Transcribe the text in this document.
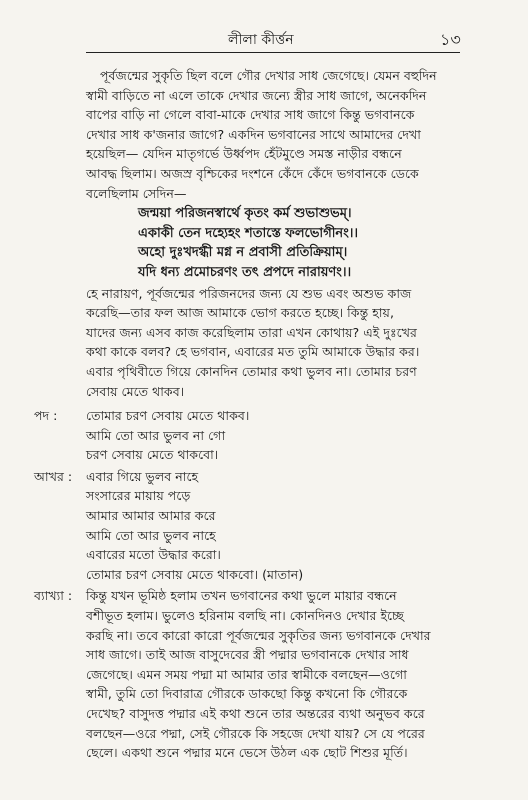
লীলা কীর্ত্তন	১৩
পূর্বজন্মের সুকৃতি ছিল বলে গৌর দেখার সাধ জেগেছে। যেমন বহুদিন
স্বামী বাড়িতে না এলে তাকে দেখার জন্যে স্ত্রীর সাধ জাগে, অনেকদিন
বাপের বাড়ি না গেলে বাবা-মাকে দেখার সাধ জাগে কিন্তু ভগবানকে
দেখার সাধ ক'জনার জাগে? একদিন ভগবানের সাথে আমাদের দেখা
হয়েছিল— যেদিন মাতৃগর্ভে উর্ধ্বপদ হেঁটমুণ্ডে সমস্ত নাড়ীর বন্ধনে
আবদ্ধ ছিলাম। অজস্র বৃশ্চিকের দংশনে কেঁদে কেঁদে ভগবানকে ডেকে
বলেছিলাম সেদিন—
জন্ময়া পরিজনস্বার্থে কৃতং কর্ম শুভাশুভম্।
একাকী তেন দহ্যেহং শতাস্তে ফলভোগীনং।।
অহো দুঃখদগ্ধী মগ্ন ন প্রবাসী প্রতিক্রিয়াম্।
যদি ধন্য প্রমোচরণং তৎ প্রপদে নারায়ণং।।
হে নারায়ণ, পূর্বজন্মের পরিজনদের জন্য যে শুভ এবং অশুভ কাজ
করেছি—তার ফল আজ আমাকে ভোগ করতে হচ্ছে। কিন্তু হায়,
যাদের জন্য এসব কাজ করেছিলাম তারা এখন কোথায়? এই দুঃখের
কথা কাকে বলব? হে ভগবান, এবারের মত তুমি আমাকে উদ্ধার কর।
এবার পৃথিবীতে গিয়ে কোনদিন তোমার কথা ভুলব না। তোমার চরণ
সেবায় মেতে থাকব।
পদ :	তোমার চরণ সেবায় মেতে থাকব।
আমি তো আর ভুলব না গো
চরণ সেবায় মেতে থাকবো।
আখর :	এবার গিয়ে ভুলব নাহে
সংসারের মায়ায় পড়ে
আমার আমার আমার করে
আমি তো আর ভুলব নাহে
এবারের মতো উদ্ধার করো।
তোমার চরণ সেবায় মেতে থাকবো। (মাতান)
ব্যাখ্যা :	কিন্তু যখন ভূমিষ্ঠ হলাম তখন ভগবানের কথা ভুলে মায়ার বন্ধনে
বশীভূত হলাম। ভুলেও হরিনাম বলছি না। কোনদিনও দেখার ইচ্ছে
করছি না। তবে কারো কারো পূর্বজন্মের সুকৃতির জন্য ভগবানকে দেখার
সাধ জাগে। তাই আজ বাসুদেবের স্ত্রী পদ্মার ভগবানকে দেখার সাধ
জেগেছে। এমন সময় পদ্মা মা আমার তার স্বামীকে বলছেন—ওগো
স্বামী, তুমি তো দিবারাত্র গৌরকে ডাকছো কিন্তু কখনো কি গৌরকে
দেখেছ? বাসুদত্ত পদ্মার এই কথা শুনে তার অন্তরের ব্যথা অনুভব করে
বলছেন—ওরে পদ্মা, সেই গৌরকে কি সহজে দেখা যায়? সে যে পরের
ছেলে। একথা শুনে পদ্মার মনে ভেসে উঠল এক ছোট শিশুর মূর্তি।
